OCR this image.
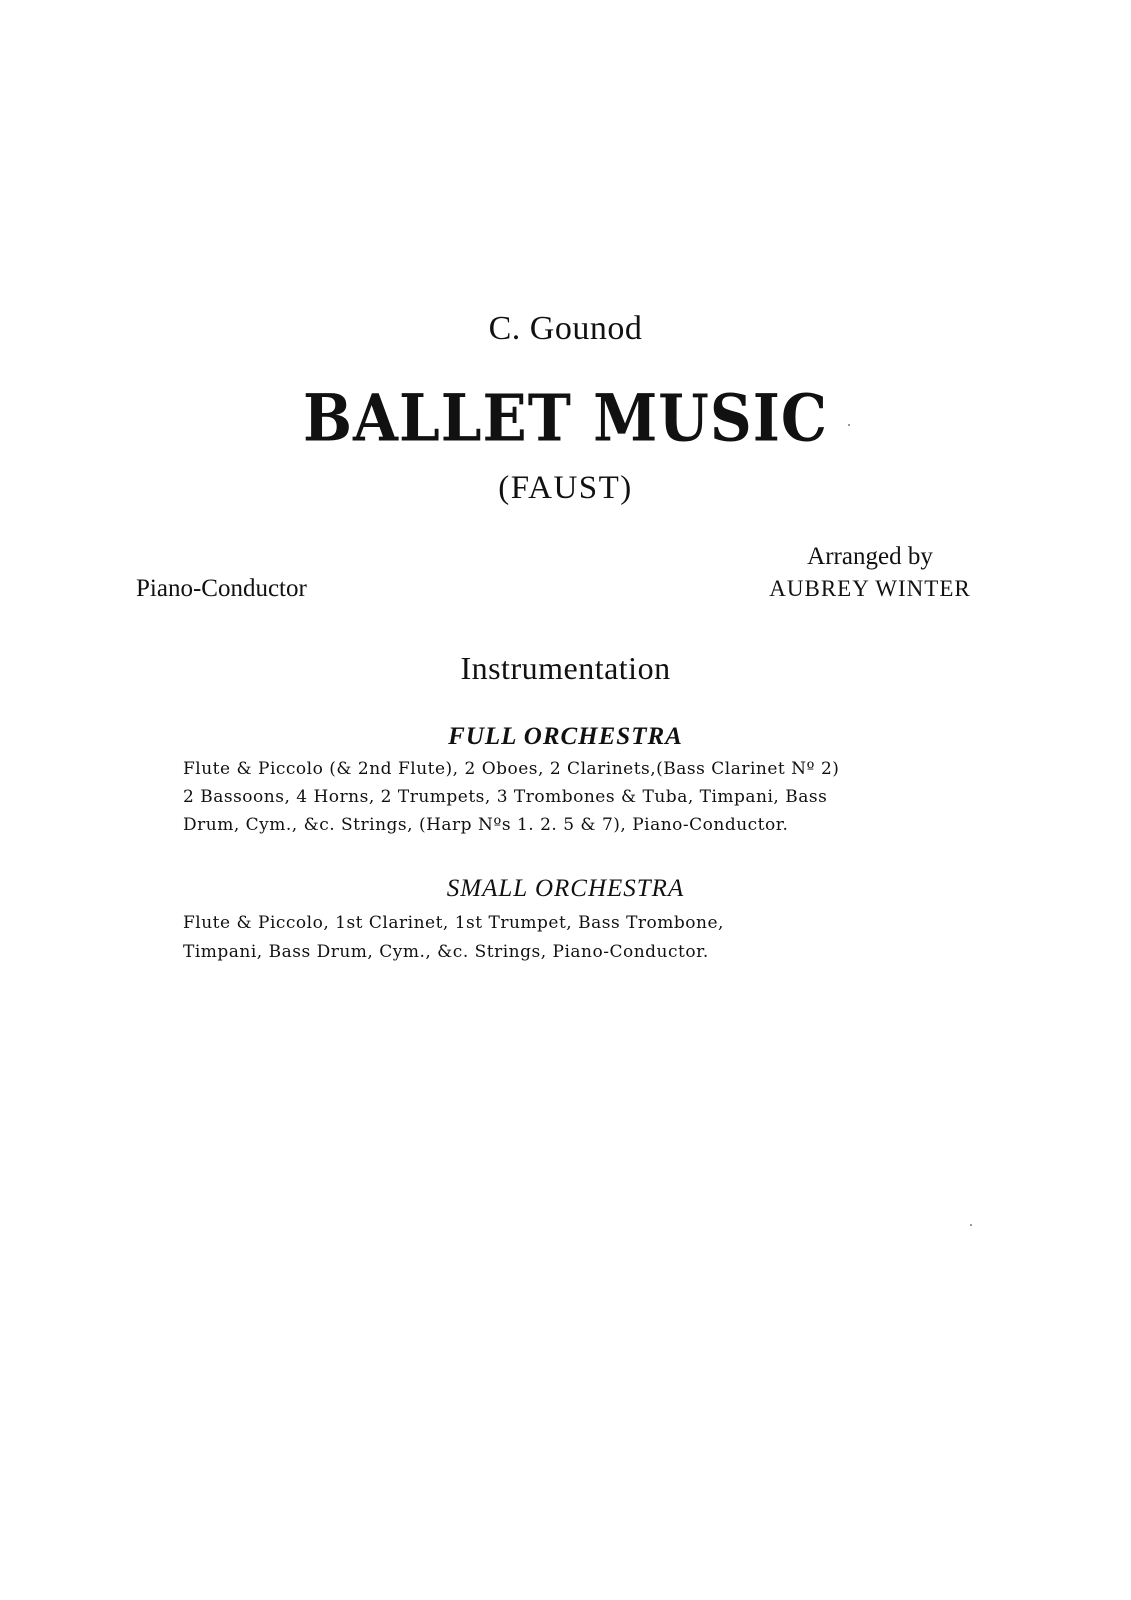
C. Gounod
BALLET MUSIC
(FAUST)
Piano-Conductor
Arranged by
AUBREY WINTER
Instrumentation
FULL ORCHESTRA
Flute & Piccolo (& 2nd Flute), 2 Oboes, 2 Clarinets,(Bass Clarinet Nº 2)
2 Bassoons, 4 Horns, 2 Trumpets, 3 Trombones & Tuba, Timpani, Bass
Drum, Cym., &c. Strings, (Harp Nºs 1. 2. 5 & 7), Piano-Conductor.
SMALL ORCHESTRA
Flute & Piccolo, 1st Clarinet, 1st Trumpet, Bass Trombone,
Timpani, Bass Drum, Cym., &c. Strings, Piano-Conductor.
